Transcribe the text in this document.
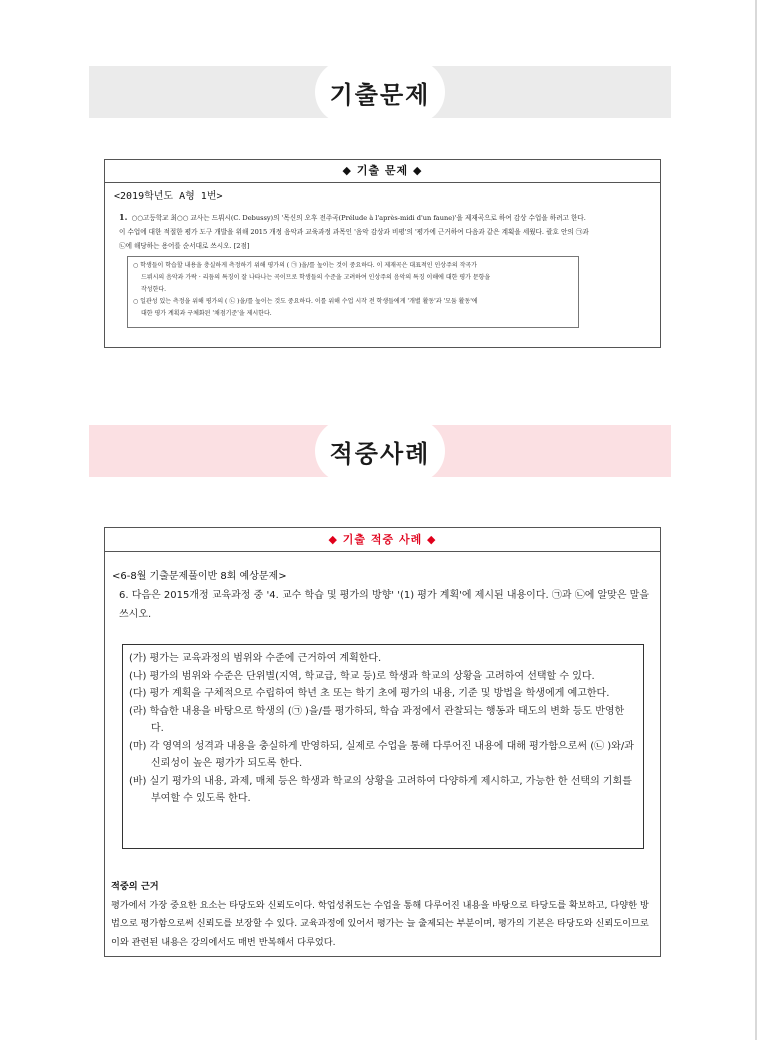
기출문제
◆ 기출 문제 ◆
<2019학년도 A형 1번>
1. ○○고등학교 최○○ 교사는 드뷔시(C. Debussy)의 '목신의 오후 전주곡(Prélude à l'après-midi d'un faune)'을 제재곡으로 하여 감상 수업을 하려고 한다. 이 수업에 대한 적절한 평가 도구 개발을 위해 2015 개정 음악과 교육과정 과목인 '음악 감상과 비평'의 '평가에 근거하여 다음과 같은 계획을 세웠다. 괄호 안의 ㉠과 ㉡에 해당하는 용어를 순서대로 쓰시오. [2점]
○ 학생들이 학습할 내용을 충실하게 측정하기 위해 평가의 ( ㉠ )을/를 높이는 것이 중요하다. 이 제재곡은 대표적인 인상주의 작곡가
드뷔시의 음악과 가락 · 리듬의 특징이 잘 나타나는 곡이므로 학생들의 수준을 고려하여 인상주의 음악의 특징 이해에 대한 평가 문항을
작성한다.
○ 일관성 있는 측정을 위해 평가의 ( ㉡ )을/를 높이는 것도 중요하다. 이를 위해 수업 시작 전 학생들에게 '개별 활동'과 '모둠 활동'에
대한 평가 계획과 구체화된 '채점기준'을 제시한다.
적중사례
◆ 기출 적중 사례 ◆
<6-8월 기출문제풀이반 8회 예상문제>
6. 다음은 2015개정 교육과정 중 '4. 교수 학습 및 평가의 방향' '(1) 평가 계획'에 제시된 내용이다. ㉠과 ㉡에 알맞은 말을 쓰시오.
(가) 평가는 교육과정의 범위와 수준에 근거하여 계획한다.
(나) 평가의 범위와 수준은 단위별(지역, 학교급, 학교 등)로 학생과 학교의 상황을 고려하여 선택할 수 있다.
(다) 평가 계획을 구체적으로 수립하여 학년 초 또는 학기 초에 평가의 내용, 기준 및 방법을 학생에게 예고한다.
(라) 학습한 내용을 바탕으로 학생의 (㉠ )을/를 평가하되, 학습 과정에서 관찰되는 행동과 태도의 변화 등도 반영한다.
(마) 각 영역의 성격과 내용을 충실하게 반영하되, 실제로 수업을 통해 다루어진 내용에 대해 평가함으로써 (㉡ )와/과 신뢰성이 높은 평가가 되도록 한다.
(바) 실기 평가의 내용, 과제, 매체 등은 학생과 학교의 상황을 고려하여 다양하게 제시하고, 가능한 한 선택의 기회를 부여할 수 있도록 한다.
적중의 근거
평가에서 가장 중요한 요소는 타당도와 신뢰도이다. 학업성취도는 수업을 통해 다루어진 내용을 바탕으로 타당도를 확보하고, 다양한 방법으로 평가함으로써 신뢰도를 보장할 수 있다. 교육과정에 있어서 평가는 늘 출제되는 부분이며, 평가의 기본은 타당도와 신뢰도이므로 이와 관련된 내용은 강의에서도 매번 반복해서 다루었다.
